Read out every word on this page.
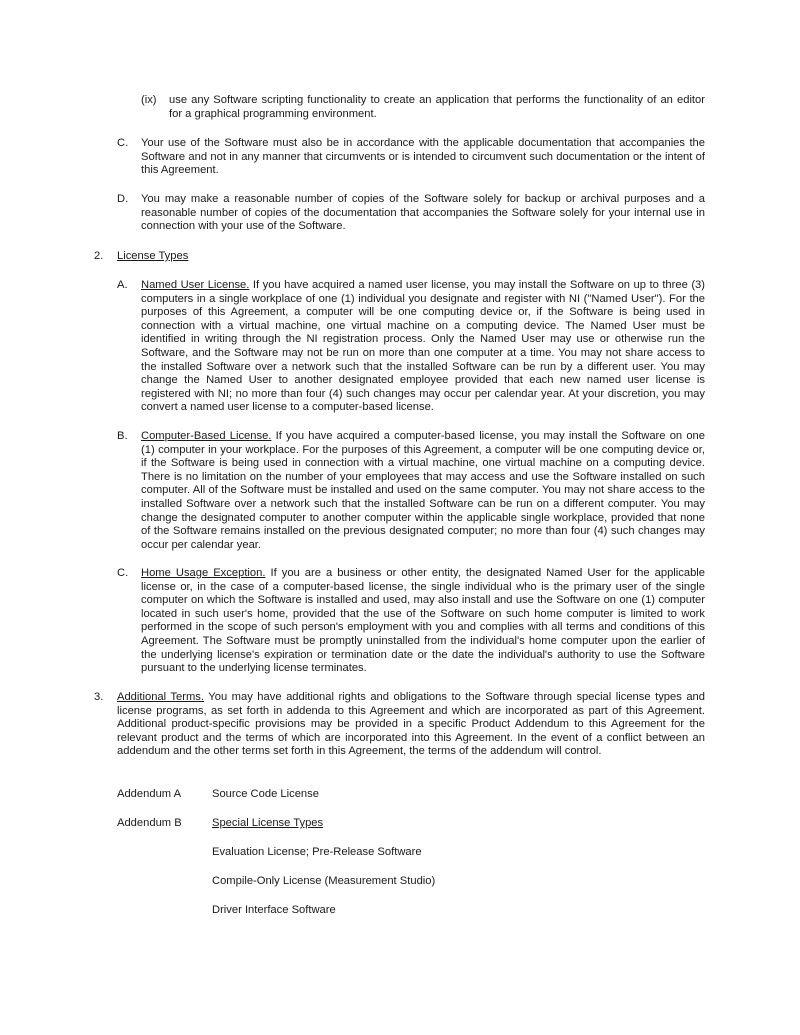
(ix) use any Software scripting functionality to create an application that performs the functionality of an editor for a graphical programming environment.
C. Your use of the Software must also be in accordance with the applicable documentation that accompanies the Software and not in any manner that circumvents or is intended to circumvent such documentation or the intent of this Agreement.
D. You may make a reasonable number of copies of the Software solely for backup or archival purposes and a reasonable number of copies of the documentation that accompanies the Software solely for your internal use in connection with your use of the Software.
2. License Types
A. Named User License. If you have acquired a named user license, you may install the Software on up to three (3) computers in a single workplace of one (1) individual you designate and register with NI ("Named User"). For the purposes of this Agreement, a computer will be one computing device or, if the Software is being used in connection with a virtual machine, one virtual machine on a computing device. The Named User must be identified in writing through the NI registration process. Only the Named User may use or otherwise run the Software, and the Software may not be run on more than one computer at a time. You may not share access to the installed Software over a network such that the installed Software can be run by a different user. You may change the Named User to another designated employee provided that each new named user license is registered with NI; no more than four (4) such changes may occur per calendar year. At your discretion, you may convert a named user license to a computer-based license.
B. Computer-Based License. If you have acquired a computer-based license, you may install the Software on one (1) computer in your workplace. For the purposes of this Agreement, a computer will be one computing device or, if the Software is being used in connection with a virtual machine, one virtual machine on a computing device. There is no limitation on the number of your employees that may access and use the Software installed on such computer. All of the Software must be installed and used on the same computer. You may not share access to the installed Software over a network such that the installed Software can be run on a different computer. You may change the designated computer to another computer within the applicable single workplace, provided that none of the Software remains installed on the previous designated computer; no more than four (4) such changes may occur per calendar year.
C. Home Usage Exception. If you are a business or other entity, the designated Named User for the applicable license or, in the case of a computer-based license, the single individual who is the primary user of the single computer on which the Software is installed and used, may also install and use the Software on one (1) computer located in such user's home, provided that the use of the Software on such home computer is limited to work performed in the scope of such person's employment with you and complies with all terms and conditions of this Agreement. The Software must be promptly uninstalled from the individual's home computer upon the earlier of the underlying license's expiration or termination date or the date the individual's authority to use the Software pursuant to the underlying license terminates.
3. Additional Terms. You may have additional rights and obligations to the Software through special license types and license programs, as set forth in addenda to this Agreement and which are incorporated as part of this Agreement. Additional product-specific provisions may be provided in a specific Product Addendum to this Agreement for the relevant product and the terms of which are incorporated into this Agreement. In the event of a conflict between an addendum and the other terms set forth in this Agreement, the terms of the addendum will control.
Addendum A	Source Code License
Addendum B	Special License Types
Evaluation License; Pre-Release Software
Compile-Only License (Measurement Studio)
Driver Interface Software
